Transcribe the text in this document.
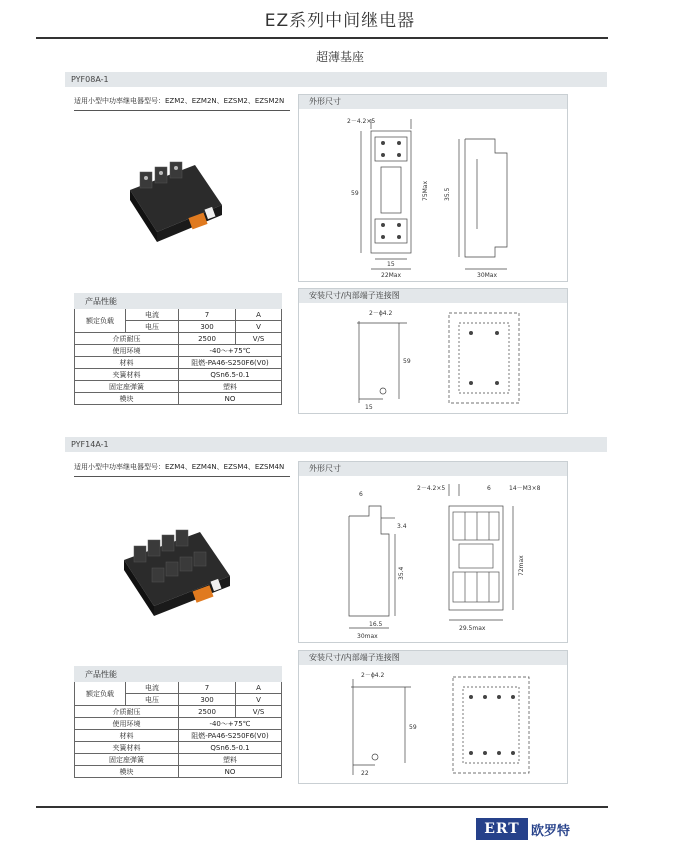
EZ系列中间继电器
超薄基座
PYF08A-1
适用小型中功率继电器型号：EZM2、EZM2N、EZSM2、EZSM2N
产品性能			
额定负载	电流	7	A
	电压	300	V
介质耐压		2500	V/S
使用环境		-40～+75℃	
材料		阻燃-PA46-S250F6(V0)	
夹簧材料		QSn6.5-0.1	
固定座弹簧		塑料	
模块		NO	
外形尺寸
2－4.2×5
59	75Max	35.5
15
22Max	30Max
安装尺寸/内部端子连接图
2－ϕ4.2
59
15
PYF14A-1
适用小型中功率继电器型号：EZM4、EZM4N、EZSM4、EZSM4N
产品性能			
额定负载	电流	7	A
	电压	300	V
介质耐压		2500	V/S
使用环境		-40～+75℃	
材料		阻燃-PA46-S250F6(V0)	
夹簧材料		QSn6.5-0.1	
固定座弹簧		塑料	
模块		NO	
外形尺寸
6
2－4.2×5	6	14－M3×8
3.4
35.4	72max
16.5
30max
29.5max
安装尺寸/内部端子连接图
2－ϕ4.2
59
22
ERT 欧罗特
